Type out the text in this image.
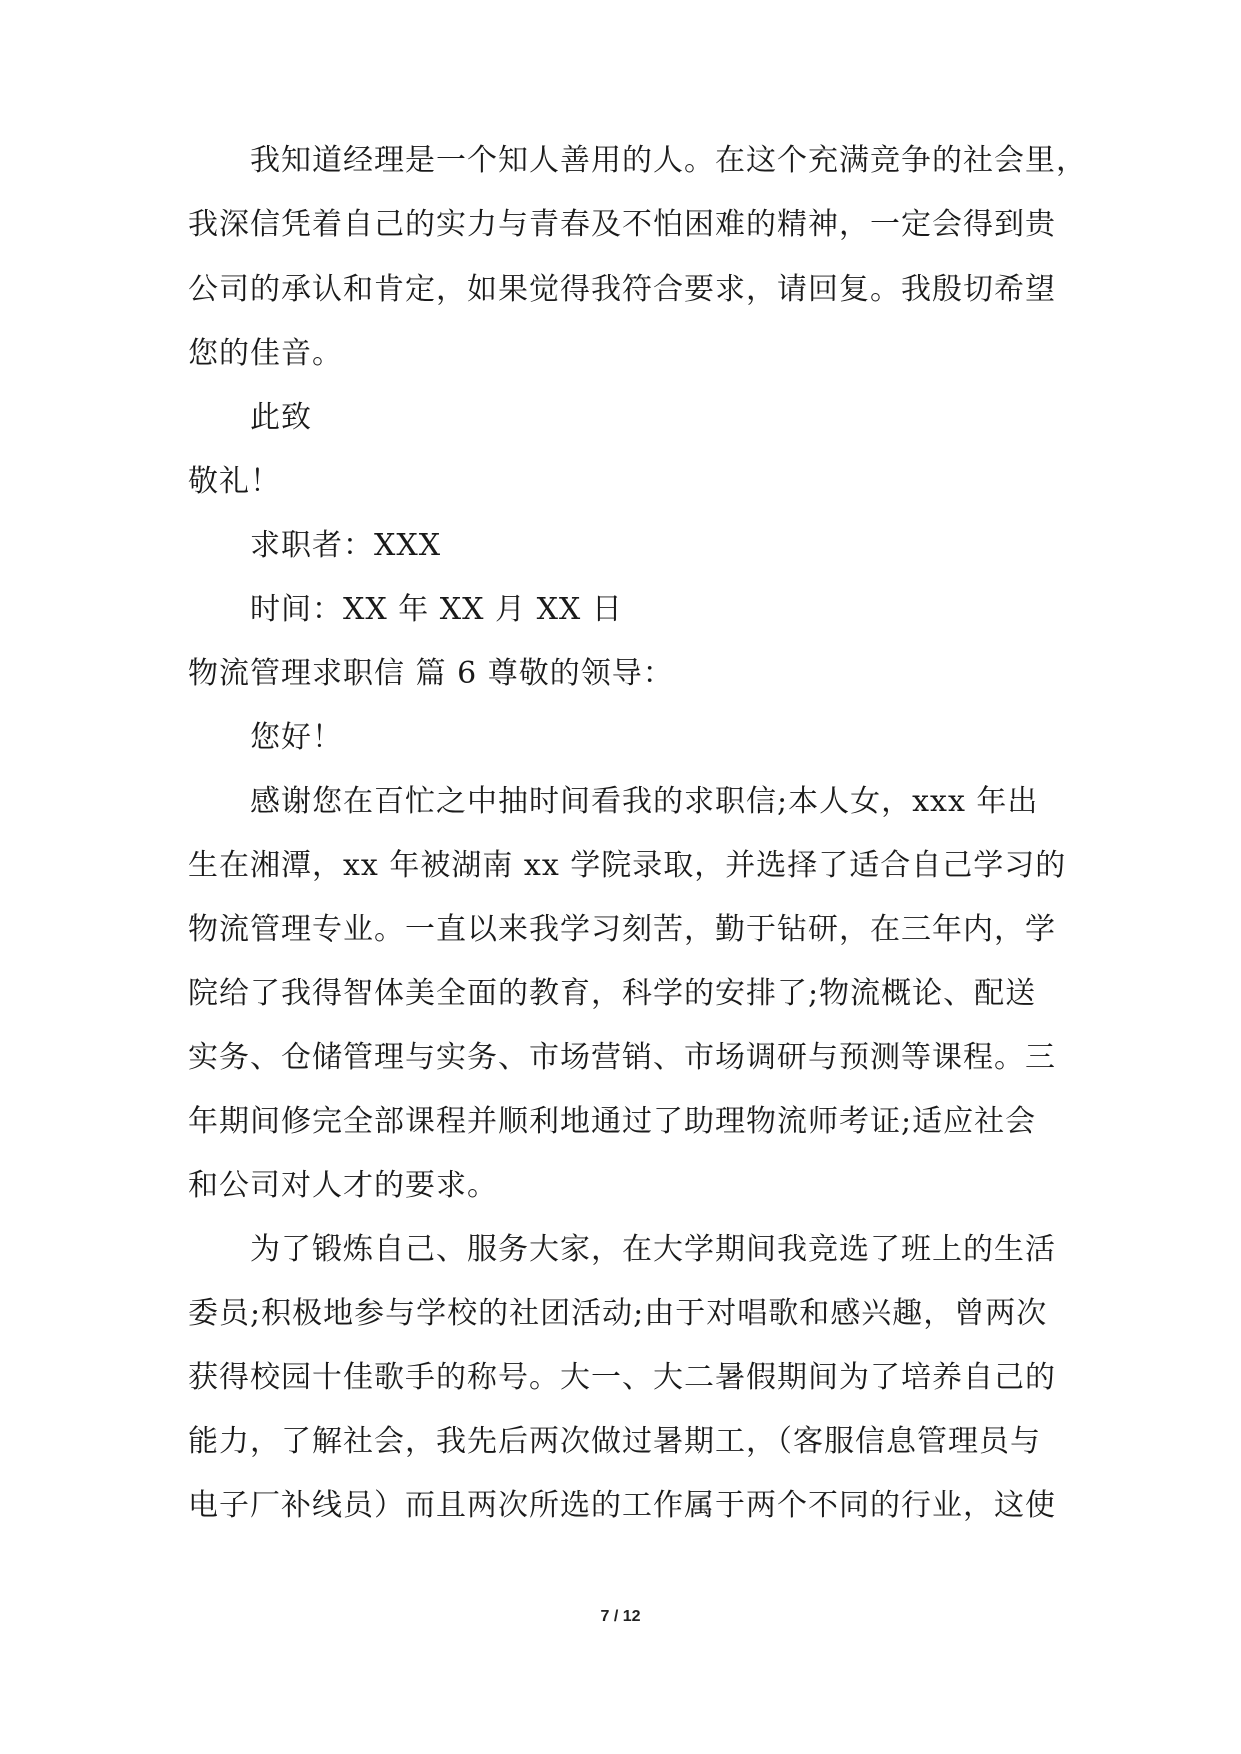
我知道经理是一个知人善用的人。在这个充满竞争的社会里，
我深信凭着自己的实力与青春及不怕困难的精神，一定会得到贵
公司的承认和肯定，如果觉得我符合要求，请回复。我殷切希望
您的佳音。
此致
敬礼！
求职者：XXX
时间：XX 年 XX 月 XX 日
物流管理求职信 篇 6 尊敬的领导：
您好！
感谢您在百忙之中抽时间看我的求职信;本人女，xxx 年出
生在湘潭，xx 年被湖南 xx 学院录取，并选择了适合自己学习的
物流管理专业。一直以来我学习刻苦，勤于钻研，在三年内，学
院给了我得智体美全面的教育，科学的安排了;物流概论、配送
实务、仓储管理与实务、市场营销、市场调研与预测等课程。三
年期间修完全部课程并顺利地通过了助理物流师考证;适应社会
和公司对人才的要求。
为了锻炼自己、服务大家，在大学期间我竞选了班上的生活
委员;积极地参与学校的社团活动;由于对唱歌和感兴趣，曾两次
获得校园十佳歌手的称号。大一、大二暑假期间为了培养自己的
能力，了解社会，我先后两次做过暑期工，（客服信息管理员与
电子厂补线员）而且两次所选的工作属于两个不同的行业，这使
7 / 12
